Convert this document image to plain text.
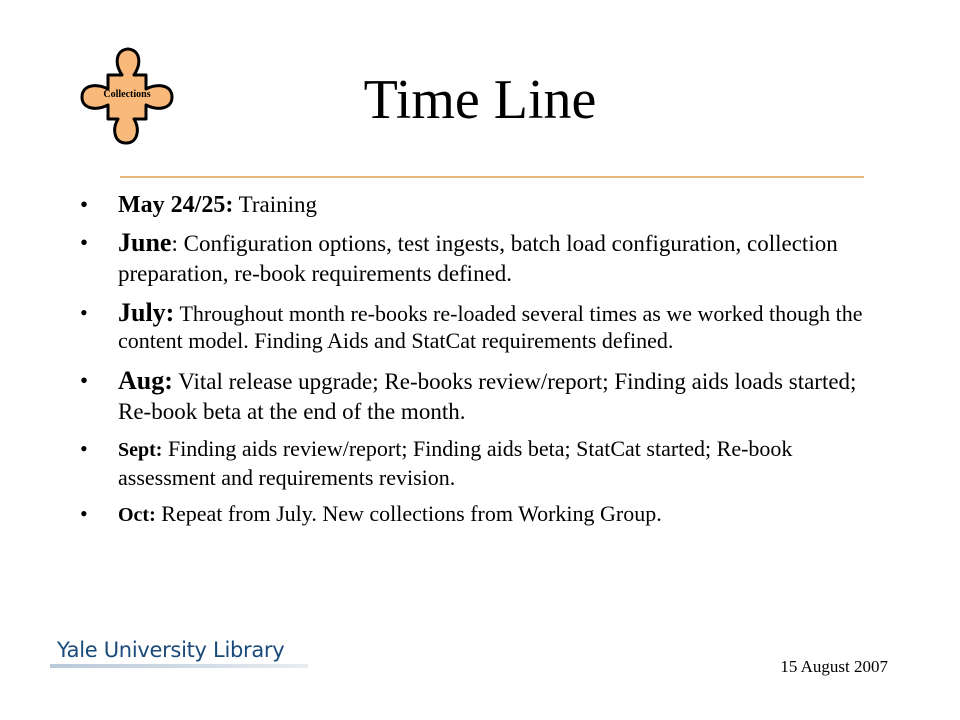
Collections	Time Line
• May 24/25: Training
• June: Configuration options, test ingests, batch load configuration, collection preparation, re-book requirements defined.
• July: Throughout month re-books re-loaded several times as we worked though the content model. Finding Aids and StatCat requirements defined.
• Aug: Vital release upgrade; Re-books review/report; Finding aids loads started; Re-book beta at the end of the month.
• Sept: Finding aids review/report; Finding aids beta; StatCat started; Re-book assessment and requirements revision.
• Oct: Repeat from July. New collections from Working Group.
Yale University Library
15 August 2007
